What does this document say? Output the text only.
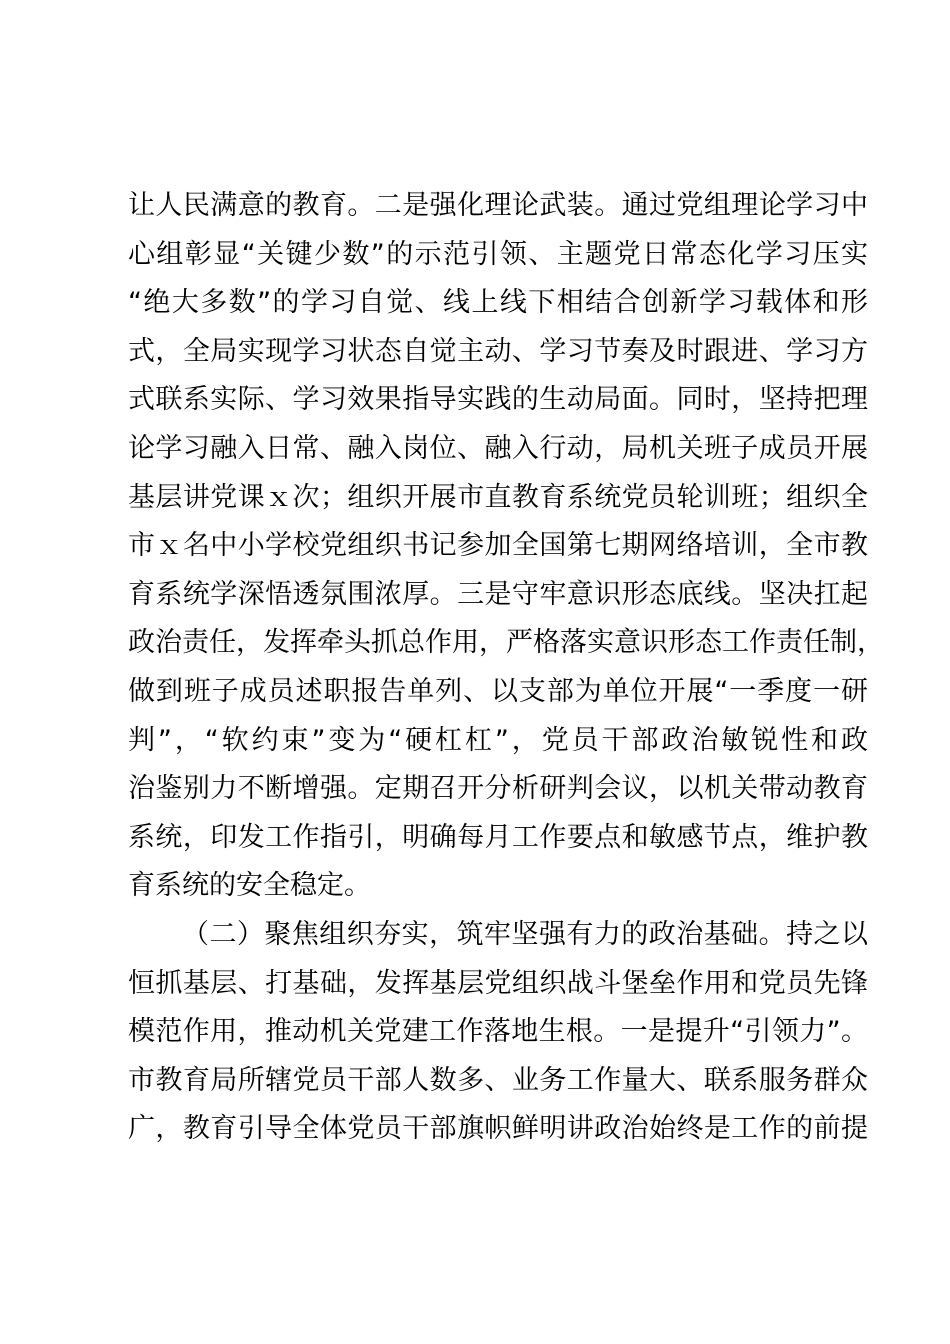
让人民满意的教育。二是强化理论武装。通过党组理论学习中
心组彰显“关键少数”的示范引领、主题党日常态化学习压实
“绝大多数”的学习自觉、线上线下相结合创新学习载体和形
式，全局实现学习状态自觉主动、学习节奏及时跟进、学习方
式联系实际、学习效果指导实践的生动局面。同时，坚持把理
论学习融入日常、融入岗位、融入行动，局机关班子成员开展
基层讲党课ｘ次；组织开展市直教育系统党员轮训班；组织全
市ｘ名中小学校党组织书记参加全国第七期网络培训，全市教
育系统学深悟透氛围浓厚。三是守牢意识形态底线。坚决扛起
政治责任，发挥牵头抓总作用，严格落实意识形态工作责任制，
做到班子成员述职报告单列、以支部为单位开展“一季度一研
判”，“软约束”变为“硬杠杠”，党员干部政治敏锐性和政
治鉴别力不断增强。定期召开分析研判会议，以机关带动教育
系统，印发工作指引，明确每月工作要点和敏感节点，维护教
育系统的安全稳定。
（二）聚焦组织夯实，筑牢坚强有力的政治基础。持之以
恒抓基层、打基础，发挥基层党组织战斗堡垒作用和党员先锋
模范作用，推动机关党建工作落地生根。一是提升“引领力”。
市教育局所辖党员干部人数多、业务工作量大、联系服务群众
广，教育引导全体党员干部旗帜鲜明讲政治始终是工作的前提
